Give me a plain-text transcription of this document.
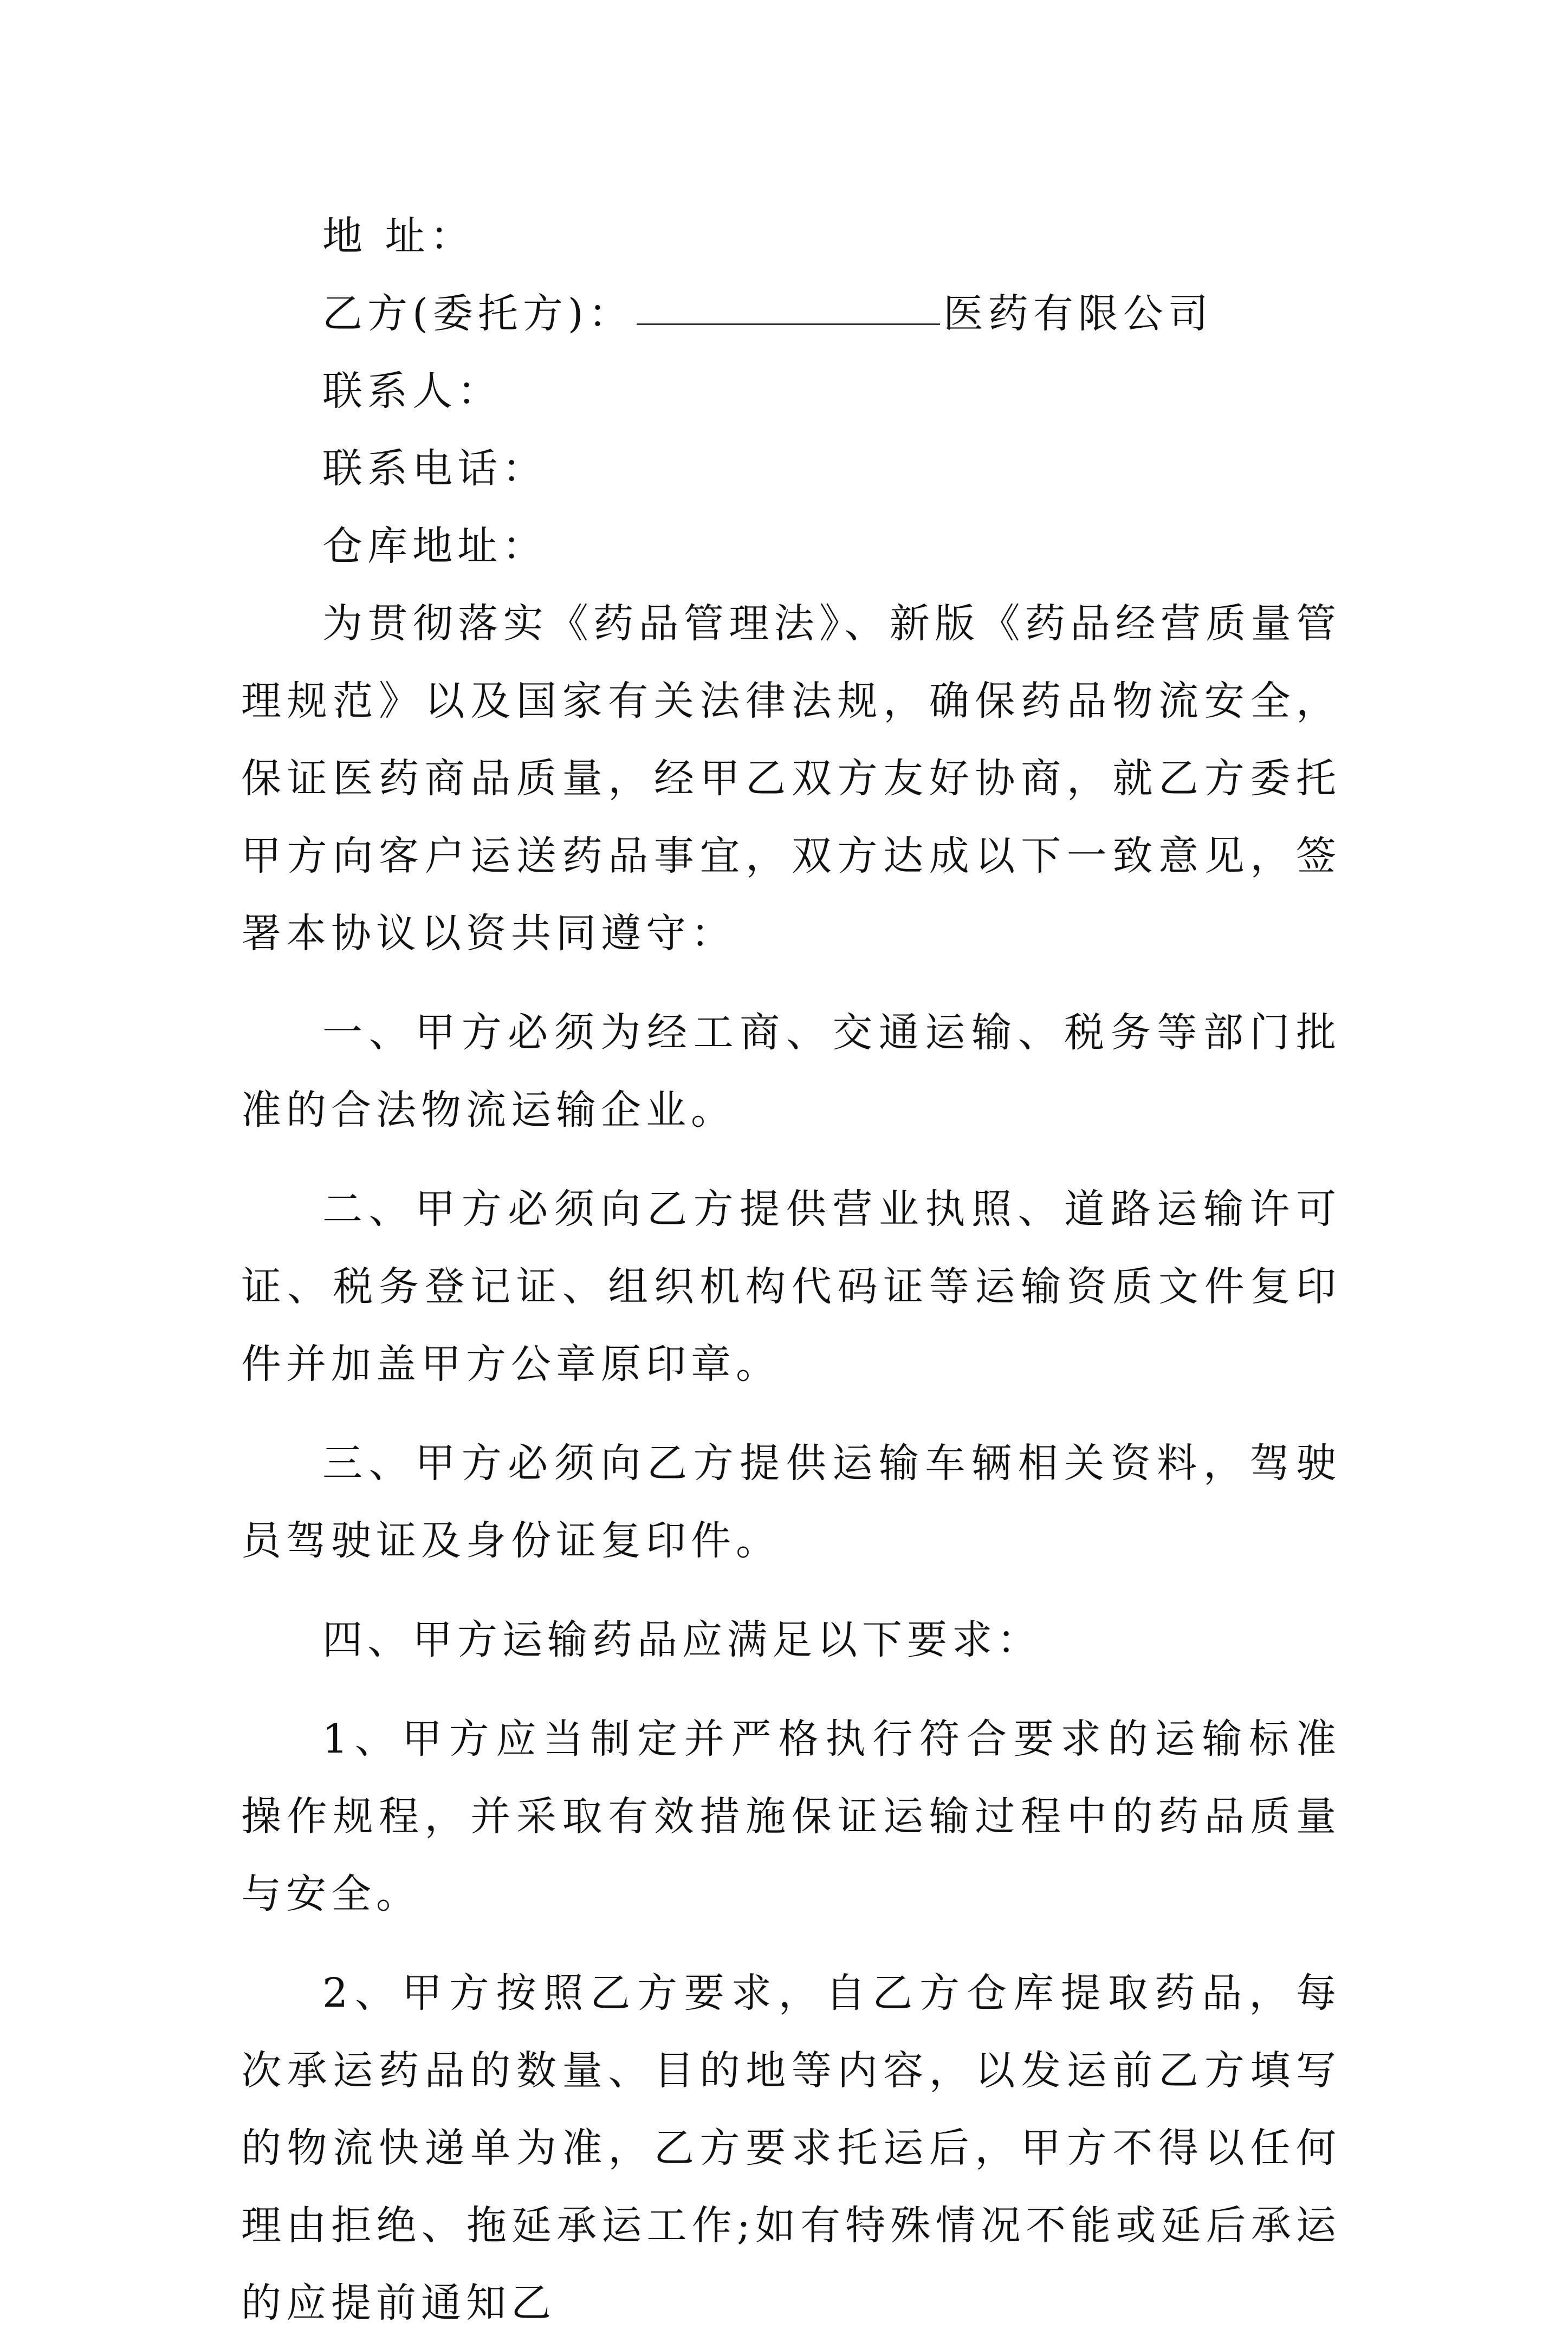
地 址：

乙方(委托方)：	医药有限公司

联系人：

联系电话：

仓库地址：

为贯彻落实《药品管理法》、新版《药品经营质量管理规范》以及国家有关法律法规，确保药品物流安全，保证医药商品质量，经甲乙双方友好协商，就乙方委托甲方向客户运送药品事宜，双方达成以下一致意见，签署本协议以资共同遵守：

一、甲方必须为经工商、交通运输、税务等部门批准的合法物流运输企业。

二、甲方必须向乙方提供营业执照、道路运输许可证、税务登记证、组织机构代码证等运输资质文件复印件并加盖甲方公章原印章。

三、甲方必须向乙方提供运输车辆相关资料，驾驶员驾驶证及身份证复印件。

四、甲方运输药品应满足以下要求：

1、甲方应当制定并严格执行符合要求的运输标准操作规程，并采取有效措施保证运输过程中的药品质量与安全。

2、甲方按照乙方要求，自乙方仓库提取药品，每次承运药品的数量、目的地等内容，以发运前乙方填写的物流快递单为准，乙方要求托运后，甲方不得以任何理由拒绝、拖延承运工作;如有特殊情况不能或延后承运的应提前通知乙
